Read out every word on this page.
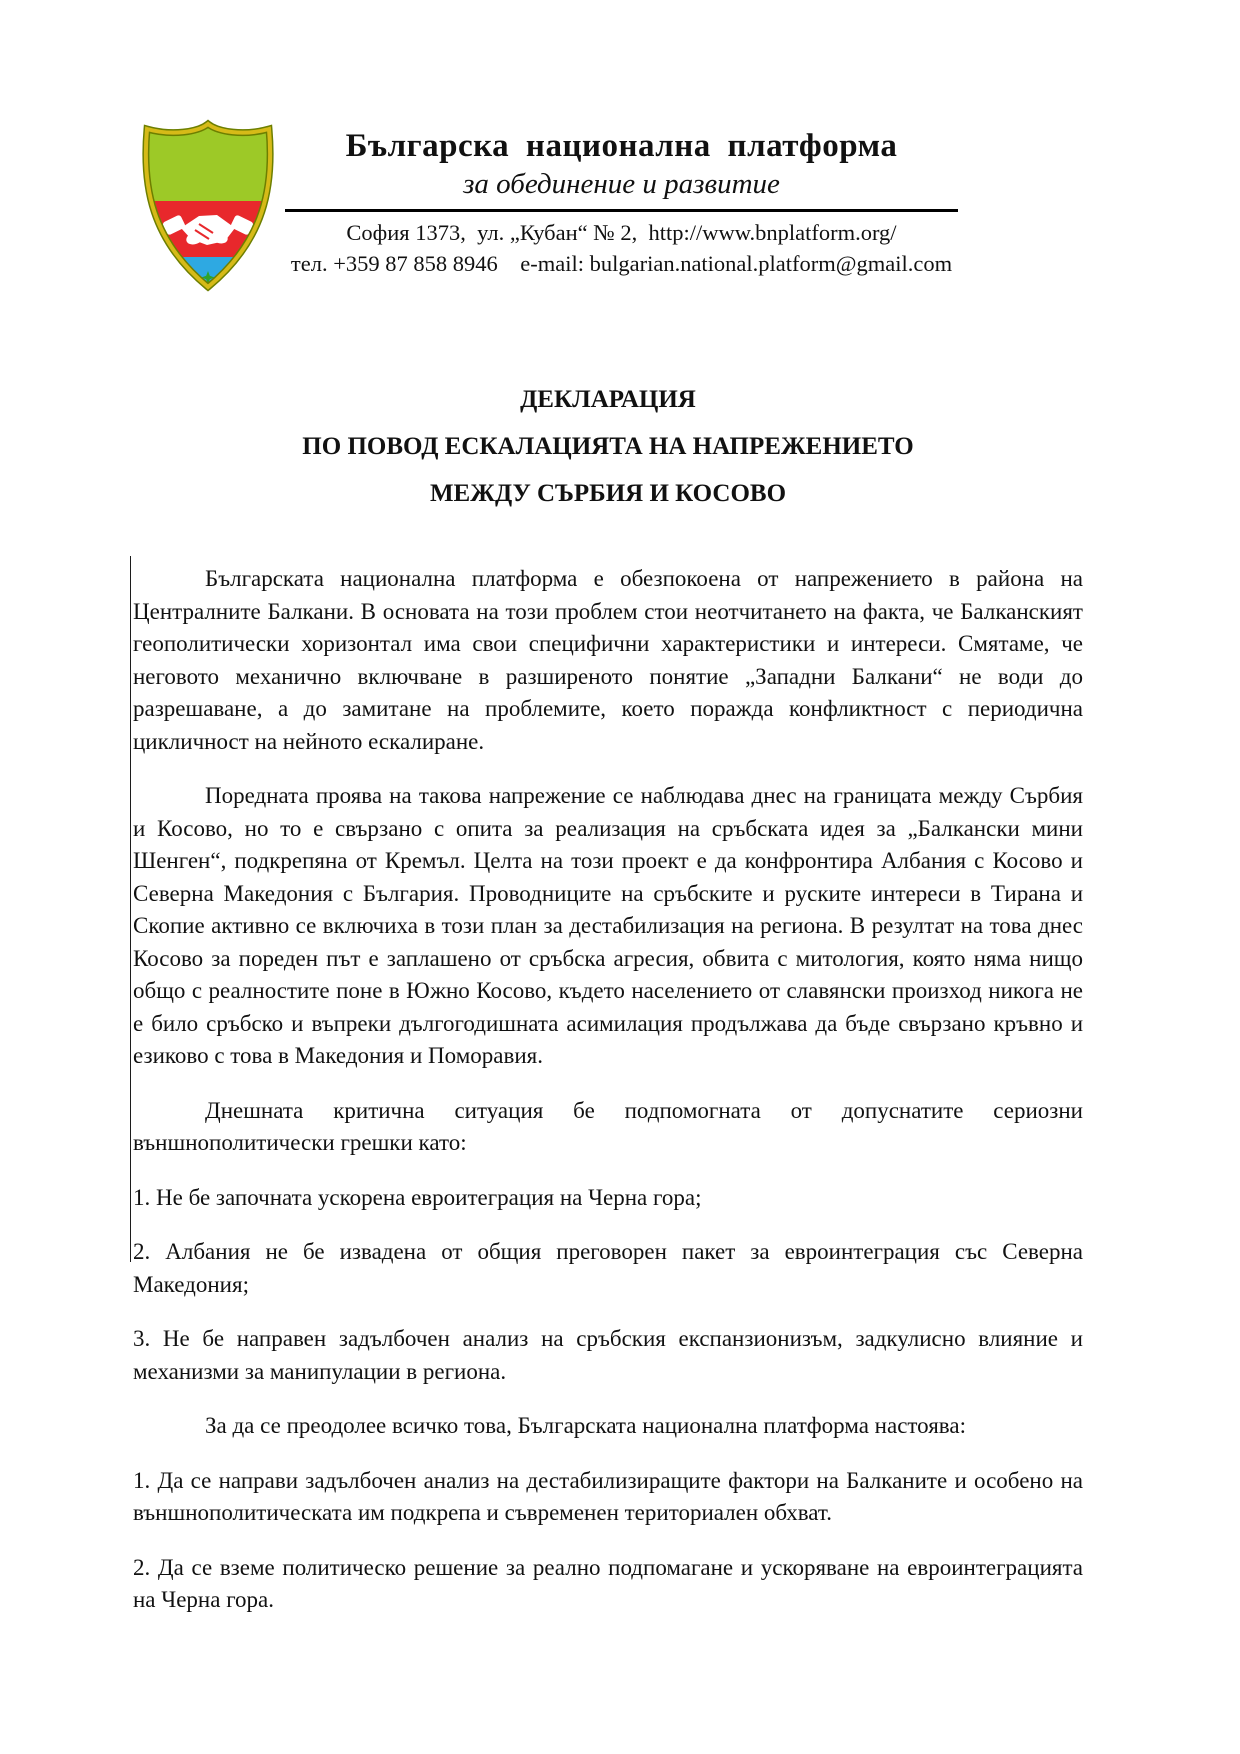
Българска национална платформа
за обединение и развитие
София 1373,  ул. „Кубан“ № 2,  http://www.bnplatform.org/
тел. +359 87 858 8946    e-mail: bulgarian.national.platform@gmail.com
ДЕКЛАРАЦИЯ
ПО ПОВОД ЕСКАЛАЦИЯТА НА НАПРЕЖЕНИЕТО
МЕЖДУ СЪРБИЯ И КОСОВО

Българската национална платформа е обезпокоена от напрежението в района на Централните Балкани. В основата на този проблем стои неотчитането на факта, че Балканският геополитически хоризонтал има свои специфични характеристики и интереси. Смятаме, че неговото механично включване в разширеното понятие „Западни Балкани“ не води до разрешаване, а до замитане на проблемите, което поражда конфликтност с периодична цикличност на нейното ескалиране.

Поредната проява на такова напрежение се наблюдава днес на границата между Сърбия и Косово, но то е свързано с опита за реализация на сръбската идея за „Балкански мини Шенген“, подкрепяна от Кремъл. Целта на този проект е да конфронтира Албания с Косово и Северна Македония с България. Проводниците на сръбските и руските интереси в Тирана и Скопие активно се включиха в този план за дестабилизация на региона. В резултат на това днес Косово за пореден път е заплашено от сръбска агресия, обвита с митология, която няма нищо общо с реалностите поне в Южно Косово, където населението от славянски произход никога не е било сръбско и въпреки дългогодишната асимилация продължава да бъде свързано кръвно и езиково с това в Македония и Поморавия.

Днешната критична ситуация бе подпомогната от допуснатите сериозни външнополитически грешки като:

1. Не бе започната ускорена евроитеграция на Черна гора;

2. Албания не бе извадена от общия преговорен пакет за евроинтеграция със Северна Македония;

3. Не бе направен задълбочен анализ на сръбския експанзионизъм, задкулисно влияние и механизми за манипулации в региона.

За да се преодолее всичко това, Българската национална платформа настоява:

1. Да се направи задълбочен анализ на дестабилизиращите фактори на Балканите и особено на външнополитическата им подкрепа и съвременен териториален обхват.

2. Да се вземе политическо решение за реално подпомагане и ускоряване на евроинтеграцията на Черна гора.
